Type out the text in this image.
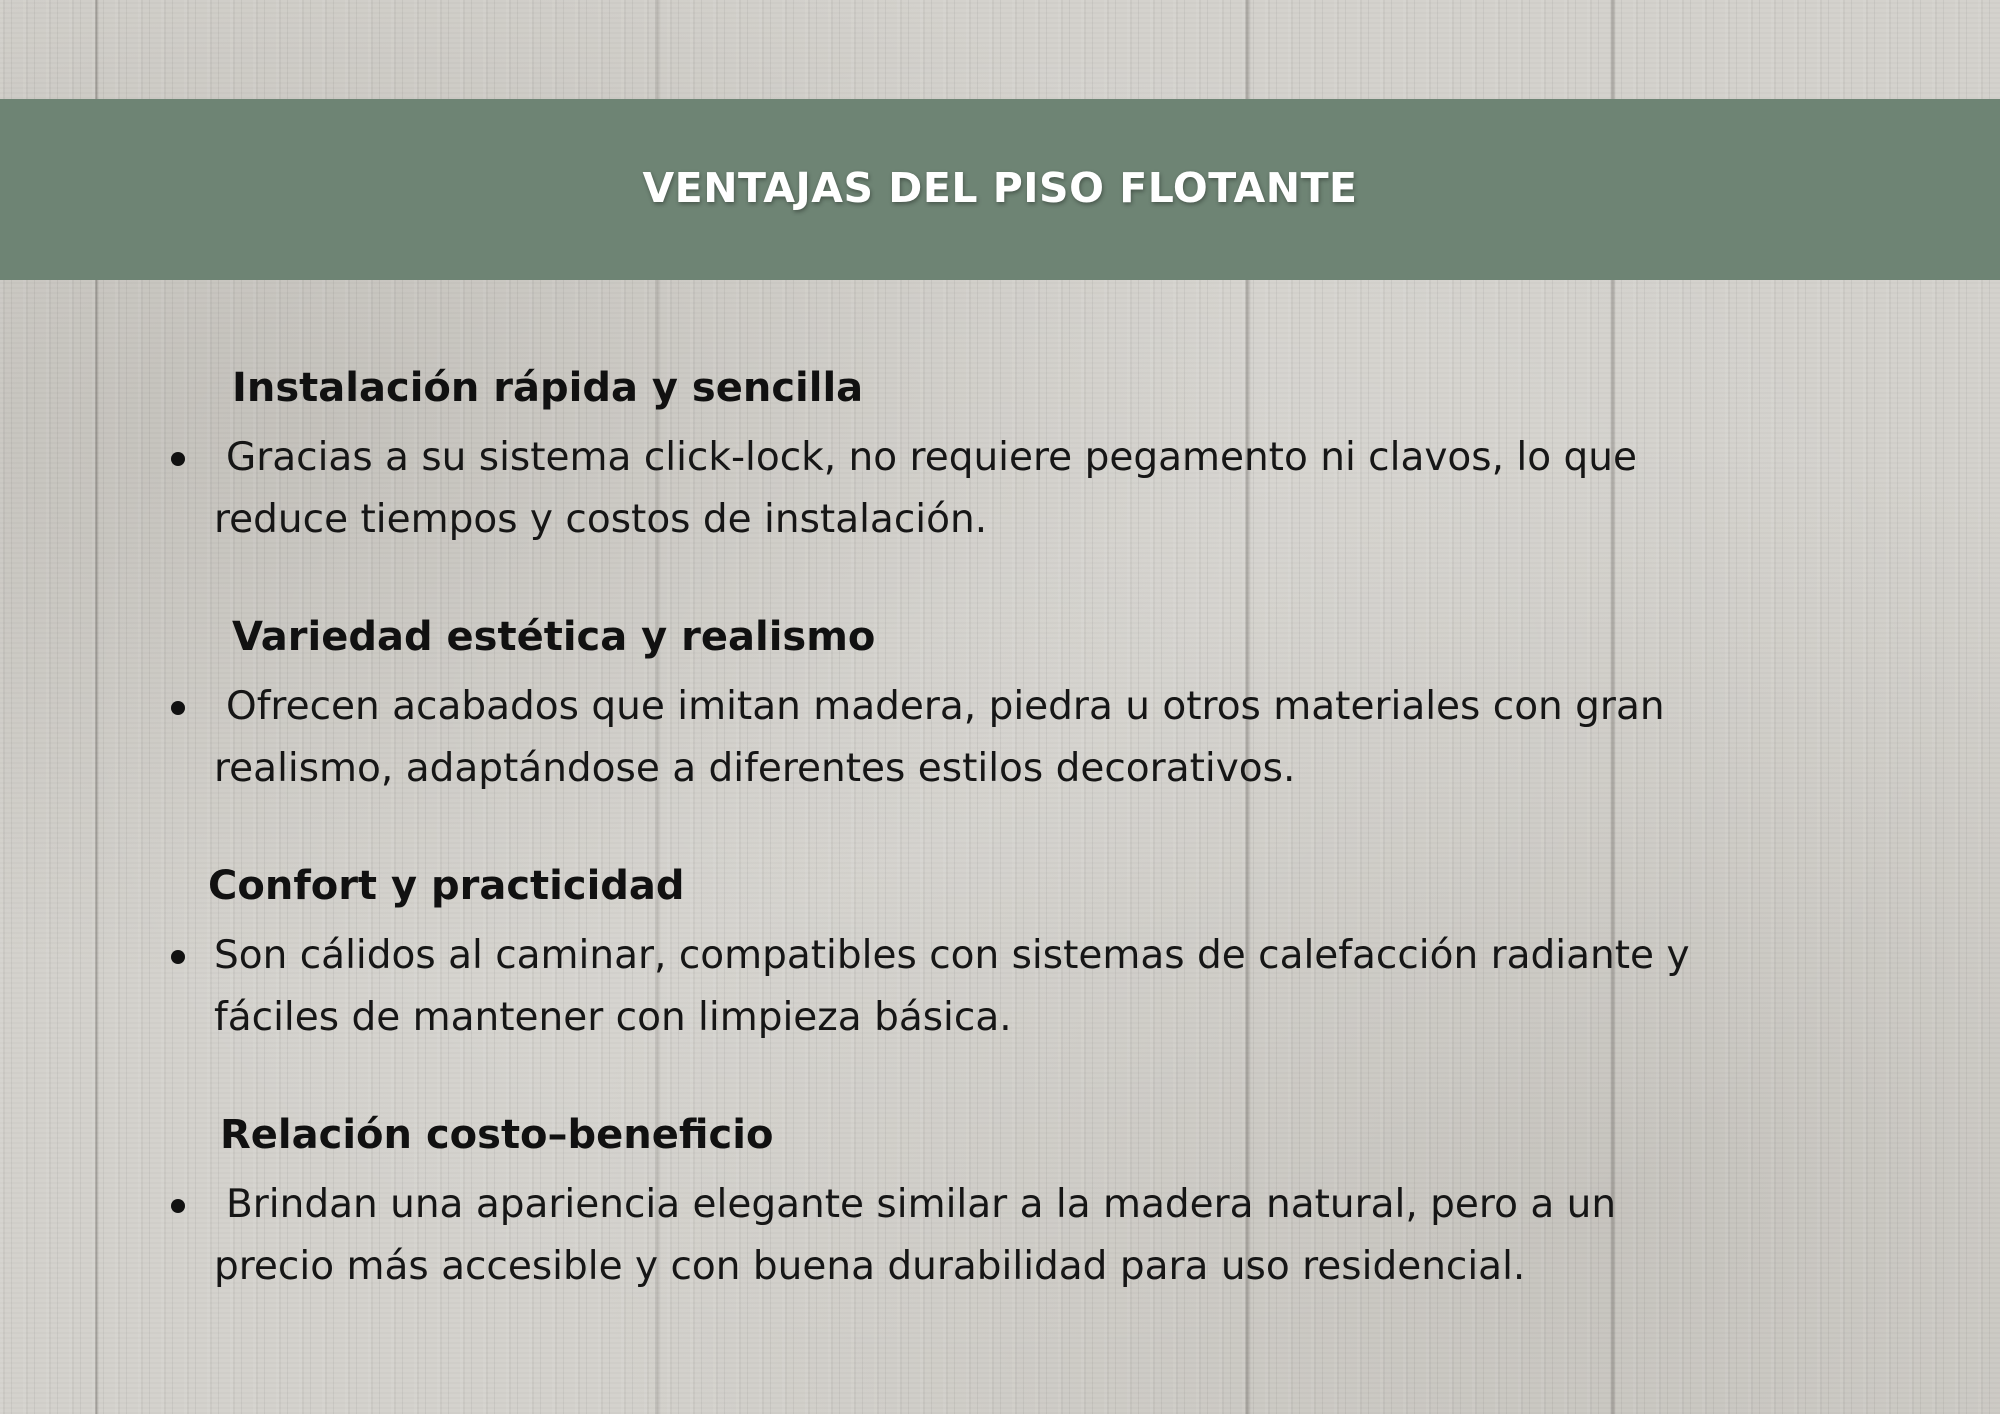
VENTAJAS DEL PISO FLOTANTE
Instalación rápida y sencilla
Gracias a su sistema click-lock, no requiere pegamento ni clavos, lo que
reduce tiempos y costos de instalación.
Variedad estética y realismo
Ofrecen acabados que imitan madera, piedra u otros materiales con gran
realismo, adaptándose a diferentes estilos decorativos.
Confort y practicidad
Son cálidos al caminar, compatibles con sistemas de calefacción radiante y
fáciles de mantener con limpieza básica.
Relación costo–beneficio
Brindan una apariencia elegante similar a la madera natural, pero a un
precio más accesible y con buena durabilidad para uso residencial.
